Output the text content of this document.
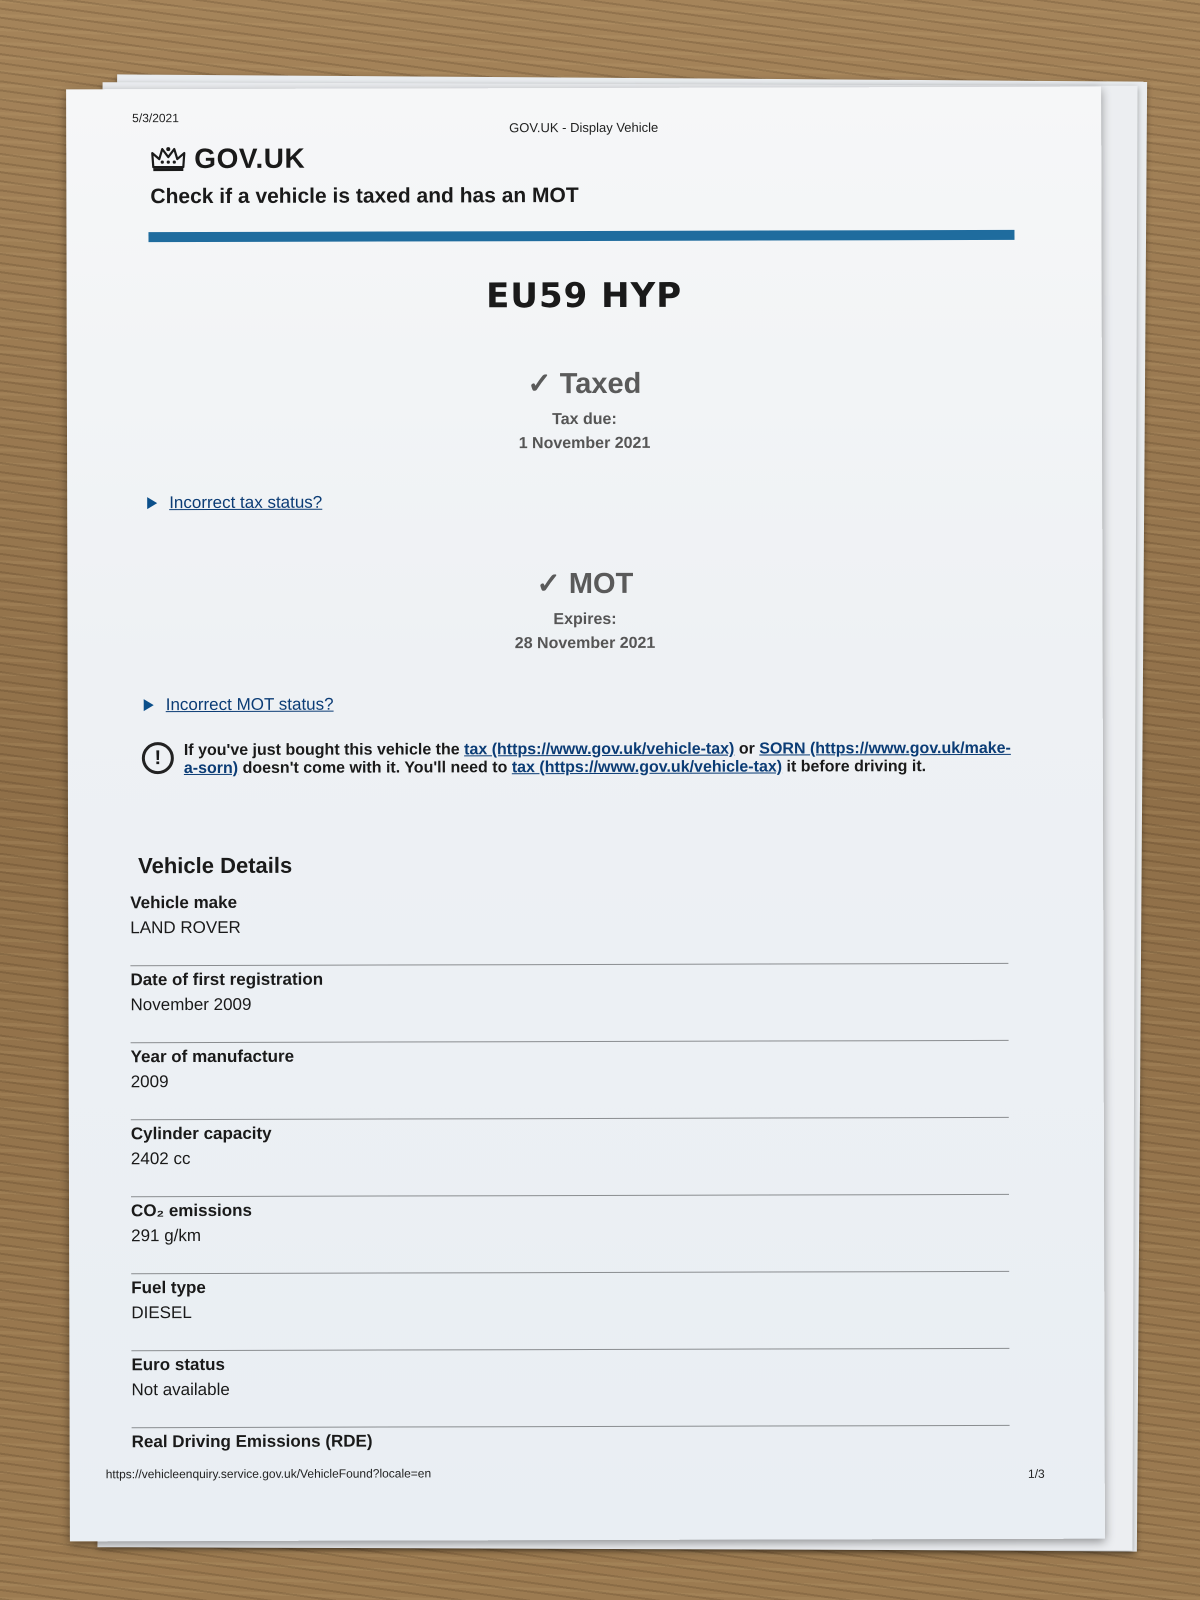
5/3/2021
GOV.UK - Display Vehicle
GOV.UK
Check if a vehicle is taxed and has an MOT
EU59 HYP
✓ Taxed
Tax due:
1 November 2021
Incorrect tax status?
✓ MOT
Expires:
28 November 2021
Incorrect MOT status?
!	If you've just bought this vehicle the tax (https://www.gov.uk/vehicle-tax) or SORN (https://www.gov.uk/make-a-sorn) doesn't come with it. You'll need to tax (https://www.gov.uk/vehicle-tax) it before driving it.
Vehicle Details
Vehicle make
LAND ROVER
Date of first registration
November 2009
Year of manufacture
2009
Cylinder capacity
2402 cc
CO₂ emissions
291 g/km
Fuel type
DIESEL
Euro status
Not available
Real Driving Emissions (RDE)
https://vehicleenquiry.service.gov.uk/VehicleFound?locale=en	1/3
